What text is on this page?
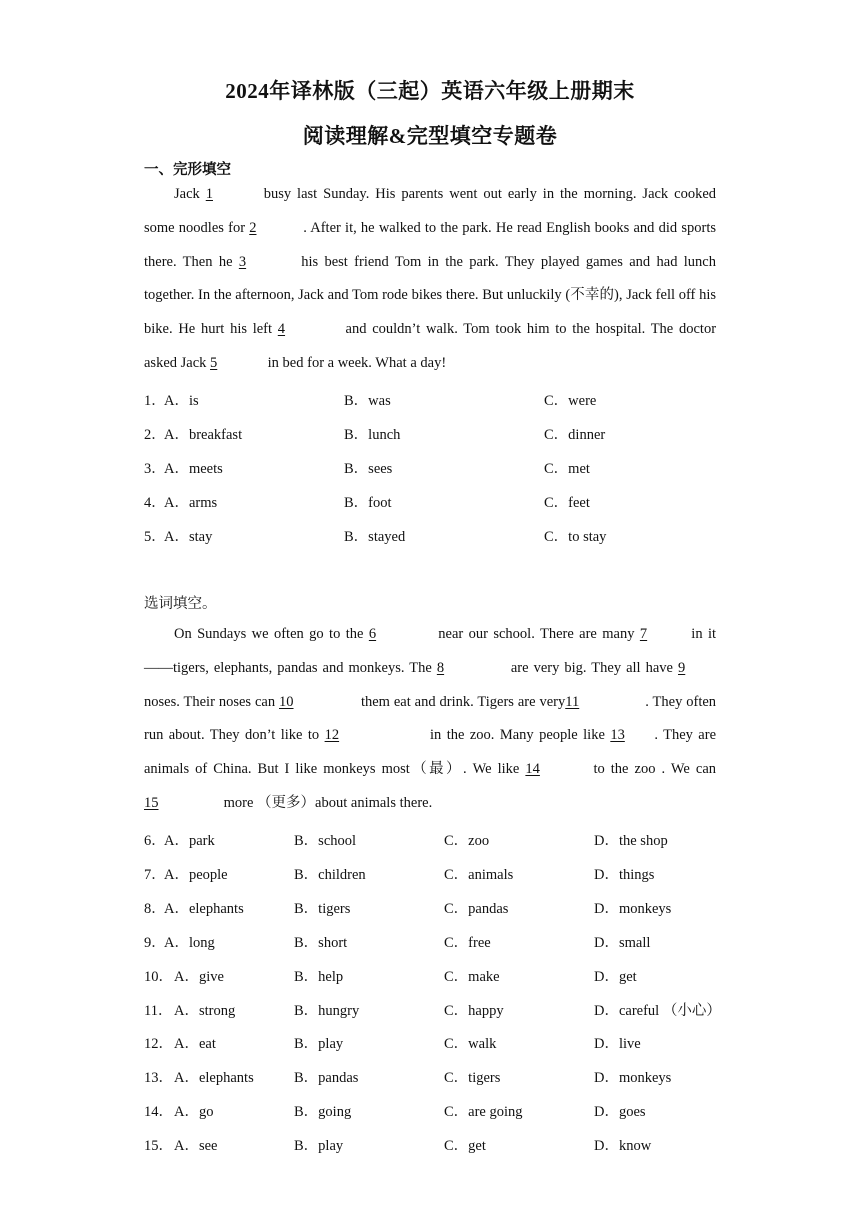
2024年译林版（三起）英语六年级上册期末
阅读理解&完型填空专题卷
一、完形填空

Jack 1	busy last Sunday. His parents went out early in the morning. Jack cooked some noodles for 2	. After it, he walked to the park. He read English books and did sports there. Then he 3	his best friend Tom in the park. They played games and had lunch together. In the afternoon, Jack and Tom rode bikes there. But unluckily (不幸的), Jack fell off his bike. He hurt his left 4	and couldn’t walk. Tom took him to the hospital. The doctor asked Jack 5	in bed for a week. What a day!

1．
A．is	B．was	C．were
2．
A．breakfast	B．lunch	C．dinner
3．
A．meets	B．sees	C．met
4．
A．arms	B．foot	C．feet
5．
A．stay	B．stayed	C．to stay
选词填空。

On Sundays we often go to the 6	near our school. There are many 7	in it——tigers, elephants, pandas and monkeys. The 8	are very big. They all have 9 noses. Their noses can 10	them eat and drink. Tigers are very11	. They often run about. They don’t like to 12	in the zoo. Many people like 13 . They are animals of China. But I like monkeys most（最）. We like 14	to the zoo . We can 15	more （更多）about animals there.

6．
A．park	B．school	C．zoo	D．the shop
7．
A．people	B．children	C．animals	D．things
8．
A．elephants	B．tigers	C．pandas	D．monkeys
9．
A．long	B．short	C．free	D．small
10． A．give	B．help	C．make	D．get
11． A．strong	B．hungry	C．happy	D．careful （小心）
12． A．eat	B．play	C．walk	D．live
13． A．elephants	B．pandas	C．tigers	D．monkeys
14． A．go	B．going	C．are going	D．goes
15． A．see	B．play	C．get	D．know
